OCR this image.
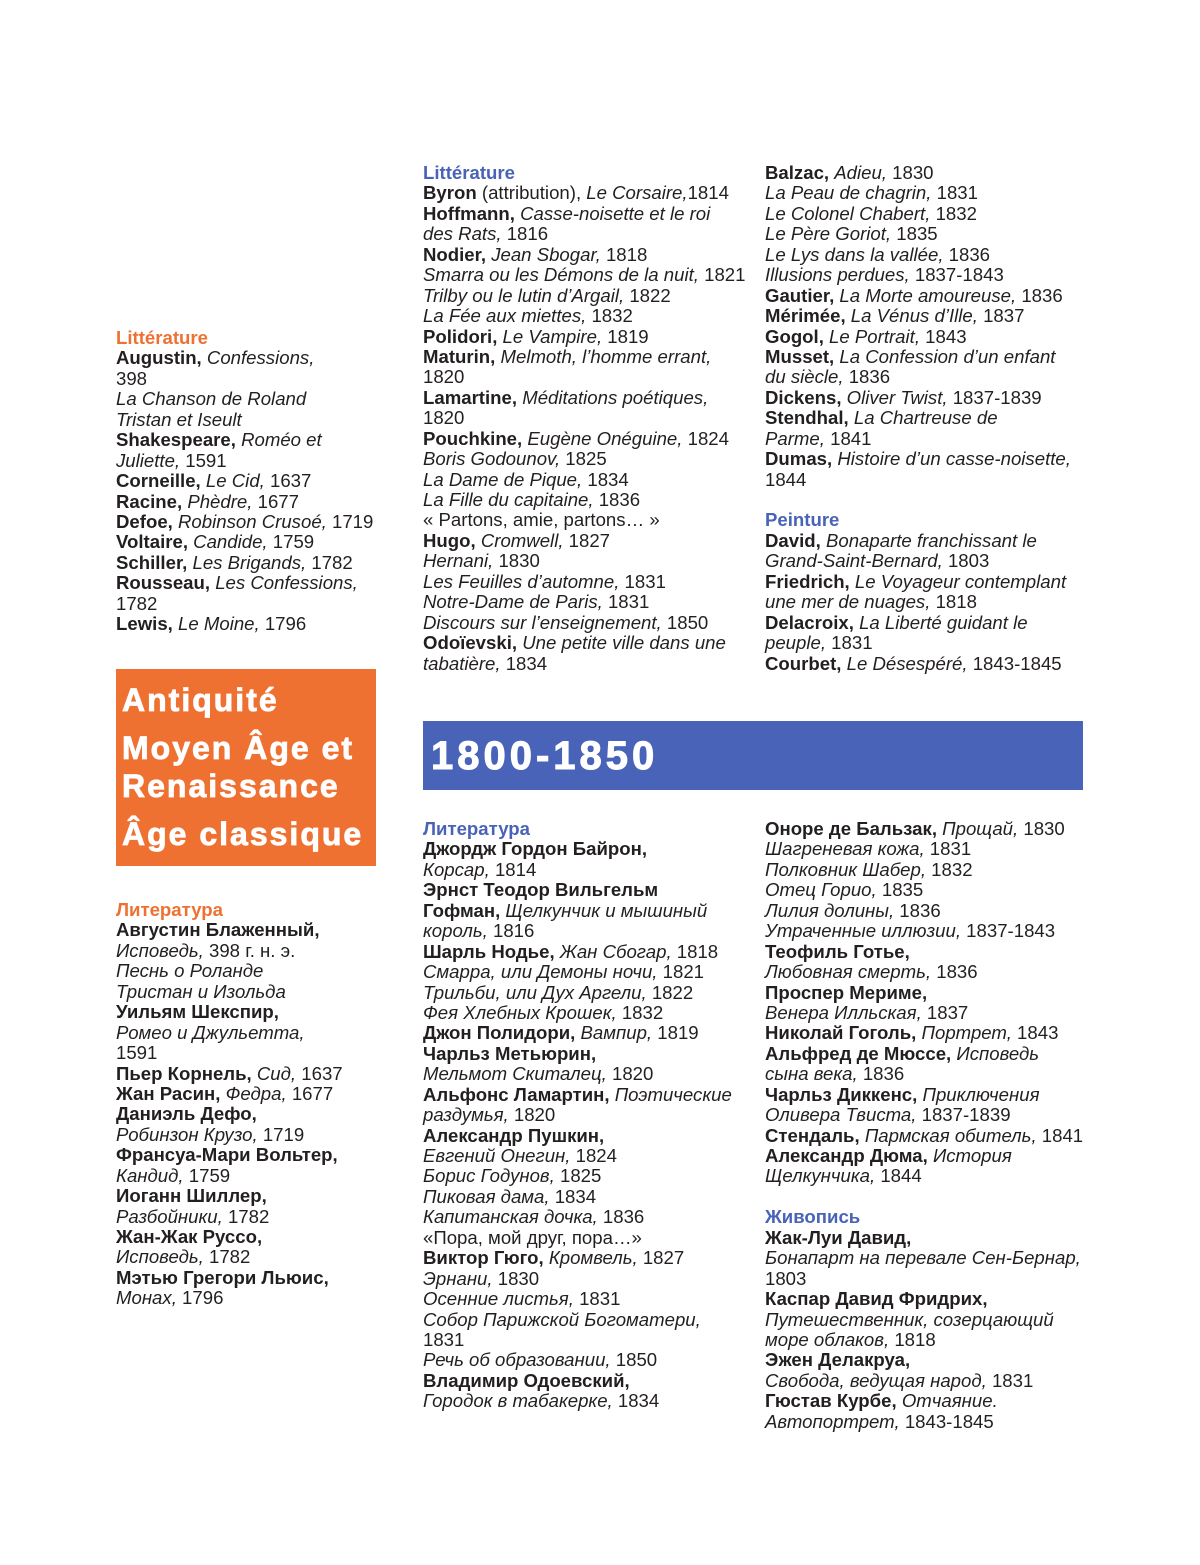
Littérature
Augustin, Confessions,
398
La Chanson de Roland
Tristan et Iseult
Shakespeare, Roméo et
Juliette, 1591
Corneille, Le Cid, 1637
Racine, Phèdre, 1677
Defoe, Robinson Crusoé, 1719
Voltaire, Candide, 1759
Schiller, Les Brigands, 1782
Rousseau, Les Confessions,
1782
Lewis, Le Moine, 1796
Antiquité
Moyen Âge et
Renaissance
Âge classique
Литература
Августин Блаженный,
Исповедь, 398 г. н. э.
Песнь о Роланде
Тристан и Изольда
Уильям Шекспир,
Ромео и Джульетта,
1591
Пьер Корнель, Сид, 1637
Жан Расин, Федра, 1677
Даниэль Дефо,
Робинзон Крузо, 1719
Франсуа-Мари Вольтер,
Кандид, 1759
Иоганн Шиллер,
Разбойники, 1782
Жан-Жак Руссо,
Исповедь, 1782
Мэтью Грегори Льюис,
Монах, 1796
Littérature
Byron (attribution), Le Corsaire,1814
Hoffmann, Casse-noisette et le roi
des Rats, 1816
Nodier, Jean Sbogar, 1818
Smarra ou les Démons de la nuit, 1821
Trilby ou le lutin d’Argail, 1822
La Fée aux miettes, 1832
Polidori, Le Vampire, 1819
Maturin, Melmoth, l’homme errant,
1820
Lamartine, Méditations poétiques,
1820
Pouchkine, Eugène Onéguine, 1824
Boris Godounov, 1825
La Dame de Pique, 1834
La Fille du capitaine, 1836
« Partons, amie, partons… »
Hugo, Cromwell, 1827
Hernani, 1830
Les Feuilles d’automne, 1831
Notre-Dame de Paris, 1831
Discours sur l’enseignement, 1850
Odoïevski, Une petite ville dans une
tabatière, 1834
Balzac, Adieu, 1830
La Peau de chagrin, 1831
Le Colonel Chabert, 1832
Le Père Goriot, 1835
Le Lys dans la vallée, 1836
Illusions perdues, 1837-1843
Gautier, La Morte amoureuse, 1836
Mérimée, La Vénus d’Ille, 1837
Gogol, Le Portrait, 1843
Musset, La Confession d’un enfant
du siècle, 1836
Dickens, Oliver Twist, 1837-1839
Stendhal, La Chartreuse de
Parme, 1841
Dumas, Histoire d’un casse-noisette,
1844
Peinture
David, Bonaparte franchissant le
Grand-Saint-Bernard, 1803
Friedrich, Le Voyageur contemplant
une mer de nuages, 1818
Delacroix, La Liberté guidant le
peuple, 1831
Courbet, Le Désespéré, 1843-1845
1800-1850
Литература
Джордж Гордон Байрон,
Корсар, 1814
Эрнст Теодор Вильгельм
Гофман, Щелкунчик и мышиный
король, 1816
Шарль Нодье, Жан Сбогар, 1818
Смарра, или Демоны ночи, 1821
Трильби, или Дух Аргели, 1822
Фея Хлебных Крошек, 1832
Джон Полидори, Вампир, 1819
Чарльз Метьюрин,
Мельмот Скиталец, 1820
Альфонс Ламартин, Поэтические
раздумья, 1820
Александр Пушкин,
Евгений Онегин, 1824
Борис Годунов, 1825
Пиковая дама, 1834
Капитанская дочка, 1836
«Пора, мой друг, пора…»
Виктор Гюго, Кромвель, 1827
Эрнани, 1830
Осенние листья, 1831
Собор Парижской Богоматери,
1831
Речь об образовании, 1850
Владимир Одоевский,
Городок в табакерке, 1834
Оноре де Бальзак, Прощай, 1830
Шагреневая кожа, 1831
Полковник Шабер, 1832
Отец Горио, 1835
Лилия долины, 1836
Утраченные иллюзии, 1837-1843
Теофиль Готье,
Любовная смерть, 1836
Проспер Мериме,
Венера Илльская, 1837
Николай Гоголь, Портрет, 1843
Альфред де Мюссе, Исповедь
сына века, 1836
Чарльз Диккенс, Приключения
Оливера Твиста, 1837-1839
Стендаль, Пармская обитель, 1841
Александр Дюма, История
Щелкунчика, 1844
Живопись
Жак-Луи Давид,
Бонапарт на перевале Сен-Бернар,
1803
Каспар Давид Фридрих,
Путешественник, созерцающий
море облаков, 1818
Эжен Делакруа,
Свобода, ведущая народ, 1831
Гюстав Курбе, Отчаяние.
Автопортрет, 1843-1845
